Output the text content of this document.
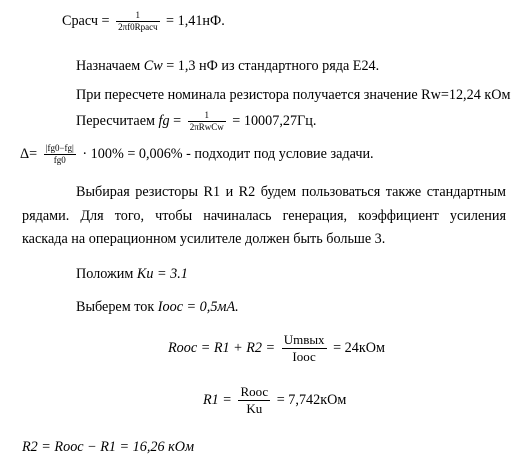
Cрасч =	1
2πf0Rрасч = 1,41нФ.
Назначаем Cw = 1,3 нФ из стандартного ряда Е24.
При пересчете номинала резистора получается значение Rw=12,24 кОм
Пересчитаем fg =	1
2πRwCw = 10007,27Гц.
$\Delta= \frac{|fg0-fg|}{fg0} \cdot 100\% = 0,006\%$ - подходит под условие задачи.
Выбирая резисторы R1 и R2 будем пользоваться также стандартным
рядами. Для того, чтобы начиналась генерация, коэффициент усиления
каскада на операционном усилителе должен быть больше 3.
Положим Ku = 3.1
Выберем ток Iоос = 0,5мА.
Rоос = R1 + R2 =
Umвых
Iоос
= 24кОм
R1 =
Rоос
Ku
= 7,742кОм
R2 = Rоос − R1 = 16,26 кОм
